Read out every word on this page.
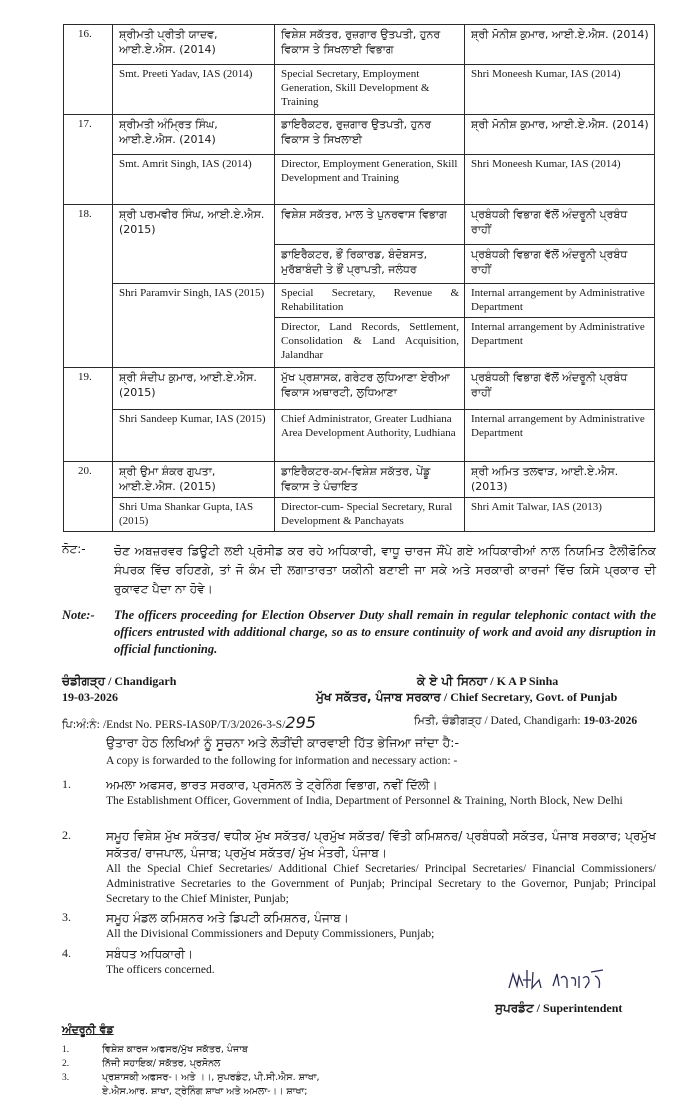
16.	ਸ਼੍ਰੀਮਤੀ ਪ੍ਰੀਤੀ ਯਾਦਵ, ਆਈ.ਏ.ਐਸ. (2014)	ਵਿਸ਼ੇਸ਼ ਸਕੱਤਰ, ਰੁਜ਼ਗਾਰ ਉਤਪਤੀ, ਹੁਨਰ ਵਿਕਾਸ ਤੇ ਸਿਖਲਾਈ ਵਿਭਾਗ	ਸ਼੍ਰੀ ਮੋਨੀਸ਼ ਕੁਮਾਰ, ਆਈ.ਏ.ਐਸ. (2014)
	Smt. Preeti Yadav, IAS (2014)	Special Secretary, Employment Generation, Skill Development & Training	Shri Moneesh Kumar, IAS (2014)
17.	ਸ਼੍ਰੀਮਤੀ ਅੰਮ੍ਰਿਤ ਸਿੰਘ, ਆਈ.ਏ.ਐਸ. (2014)	ਡਾਇਰੈਕਟਰ, ਰੁਜ਼ਗਾਰ ਉਤਪਤੀ, ਹੁਨਰ ਵਿਕਾਸ ਤੇ ਸਿਖਲਾਈ	ਸ਼੍ਰੀ ਮੋਨੀਸ਼ ਕੁਮਾਰ, ਆਈ.ਏ.ਐਸ. (2014)
	Smt. Amrit Singh, IAS (2014)	Director, Employment Generation, Skill Development and Training	Shri Moneesh Kumar, IAS (2014)
18.	ਸ਼੍ਰੀ ਪਰਮਵੀਰ ਸਿੰਘ, ਆਈ.ਏ.ਐਸ. (2015)	ਵਿਸ਼ੇਸ਼ ਸਕੱਤਰ, ਮਾਲ ਤੇ ਪੁਨਰਵਾਸ ਵਿਭਾਗ	ਪ੍ਰਬੰਧਕੀ ਵਿਭਾਗ ਵੱਲੋਂ ਅੰਦਰੂਨੀ ਪ੍ਰਬੰਧ ਰਾਹੀਂ
		ਡਾਇਰੈਕਟਰ, ਭੌਂ ਰਿਕਾਰਡ, ਬੰਦੋਬਸਤ, ਮੁਰੱਬਾਬੰਦੀ ਤੇ ਭੌਂ ਪ੍ਰਾਪਤੀ, ਜਲੰਧਰ	ਪ੍ਰਬੰਧਕੀ ਵਿਭਾਗ ਵੱਲੋਂ ਅੰਦਰੂਨੀ ਪ੍ਰਬੰਧ ਰਾਹੀਂ
	Shri Paramvir Singh, IAS (2015)	Special Secretary, Revenue & Rehabilitation	Internal arrangement by Administrative Department
		Director, Land Records, Settlement, Consolidation & Land Acquisition, Jalandhar	Internal arrangement by Administrative Department
19.	ਸ਼੍ਰੀ ਸੰਦੀਪ ਕੁਮਾਰ, ਆਈ.ਏ.ਐਸ. (2015)	ਮੁੱਖ ਪ੍ਰਸ਼ਾਸਕ, ਗਰੇਟਰ ਲੁਧਿਆਣਾ ਏਰੀਆ ਵਿਕਾਸ ਅਥਾਰਟੀ, ਲੁਧਿਆਣਾ	ਪ੍ਰਬੰਧਕੀ ਵਿਭਾਗ ਵੱਲੋਂ ਅੰਦਰੂਨੀ ਪ੍ਰਬੰਧ ਰਾਹੀਂ
	Shri Sandeep Kumar, IAS (2015)	Chief Administrator, Greater Ludhiana Area Development Authority, Ludhiana	Internal arrangement by Administrative Department
20.	ਸ਼੍ਰੀ ਉਮਾ ਸ਼ੰਕਰ ਗੁਪਤਾ, ਆਈ.ਏ.ਐਸ. (2015)	ਡਾਇਰੈਕਟਰ-ਕਮ-ਵਿਸ਼ੇਸ਼ ਸਕੱਤਰ, ਪੇਂਡੂ ਵਿਕਾਸ ਤੇ ਪੰਚਾਇਤ	ਸ਼੍ਰੀ ਅਮਿਤ ਤਲਵਾੜ, ਆਈ.ਏ.ਐਸ. (2013)
	Shri Uma Shankar Gupta, IAS (2015)	Director-cum- Special Secretary, Rural Development & Panchayats	Shri Amit Talwar, IAS (2013)
ਨੋਟ:- ਚੋਣ ਅਬਜ਼ਰਵਰ ਡਿਊਟੀ ਲਈ ਪ੍ਰੋਸੀਡ ਕਰ ਰਹੇ ਅਧਿਕਾਰੀ, ਵਾਧੂ ਚਾਰਜ ਸੌਂਪੇ ਗਏ ਅਧਿਕਾਰੀਆਂ ਨਾਲ ਨਿਯਮਿਤ ਟੈਲੀਫੋਨਿਕ ਸੰਪਰਕ ਵਿੱਚ ਰਹਿਣਗੇ, ਤਾਂ ਜੋ ਕੰਮ ਦੀ ਲਗਾਤਾਰਤਾ ਯਕੀਨੀ ਬਣਾਈ ਜਾ ਸਕੇ ਅਤੇ ਸਰਕਾਰੀ ਕਾਰਜਾਂ ਵਿੱਚ ਕਿਸੇ ਪ੍ਰਕਾਰ ਦੀ ਰੁਕਾਵਟ ਪੈਦਾ ਨਾ ਹੋਵੇ।
Note:- The officers proceeding for Election Observer Duty shall remain in regular telephonic contact with the officers entrusted with additional charge, so as to ensure continuity of work and avoid any disruption in official functioning.
ਚੰਡੀਗੜ੍ਹ / Chandigarh
19-03-2026
ਕੇ ਏ ਪੀ ਸਿਨਹਾ / K A P Sinha
ਮੁੱਖ ਸਕੱਤਰ, ਪੰਜਾਬ ਸਰਕਾਰ / Chief Secretary, Govt. of Punjab
ਪਿ:ਅੰ:ਨੰ: /Endst No. PERS-IAS0P/T/3/2026-3-S/295	ਮਿਤੀ, ਚੰਡੀਗੜ੍ਹ / Dated, Chandigarh: 19-03-2026
ਉਤਾਰਾ ਹੇਠ ਲਿਖਿਆਂ ਨੂੰ ਸੂਚਨਾ ਅਤੇ ਲੋੜੀਂਦੀ ਕਾਰਵਾਈ ਹਿੱਤ ਭੇਜਿਆ ਜਾਂਦਾ ਹੈ:-
A copy is forwarded to the following for information and necessary action: -
1.	ਅਮਲਾ ਅਫਸਰ, ਭਾਰਤ ਸਰਕਾਰ, ਪ੍ਰਸੋਨਲ ਤੇ ਟ੍ਰੇਨਿੰਗ ਵਿਭਾਗ, ਨਵੀਂ ਦਿੱਲੀ।
The Establishment Officer, Government of India, Department of Personnel & Training, North Block, New Delhi
2.	ਸਮੂਹ ਵਿਸ਼ੇਸ਼ ਮੁੱਖ ਸਕੱਤਰ/ ਵਧੀਕ ਮੁੱਖ ਸਕੱਤਰ/ ਪ੍ਰਮੁੱਖ ਸਕੱਤਰ/ ਵਿੱਤੀ ਕਮਿਸ਼ਨਰ/ ਪ੍ਰਬੰਧਕੀ ਸਕੱਤਰ, ਪੰਜਾਬ ਸਰਕਾਰ; ਪ੍ਰਮੁੱਖ ਸਕੱਤਰ/ ਰਾਜਪਾਲ, ਪੰਜਾਬ; ਪ੍ਰਮੁੱਖ ਸਕੱਤਰ/ ਮੁੱਖ ਮੰਤਰੀ, ਪੰਜਾਬ।
All the Special Chief Secretaries/ Additional Chief Secretaries/ Principal Secretaries/ Financial Commissioners/ Administrative Secretaries to the Government of Punjab; Principal Secretary to the Governor, Punjab; Principal Secretary to the Chief Minister, Punjab;
3.	ਸਮੂਹ ਮੰਡਲ ਕਮਿਸ਼ਨਰ ਅਤੇ ਡਿਪਟੀ ਕਮਿਸ਼ਨਰ, ਪੰਜਾਬ।
All the Divisional Commissioners and Deputy Commissioners, Punjab;
4.	ਸਬੰਧਤ ਅਧਿਕਾਰੀ।
The officers concerned.
ਸੁਪਰਡੰਟ / Superintendent
ਅੰਦਰੂਨੀ ਵੰਡ
1.	ਵਿਸ਼ੇਸ਼ ਕਾਰਜ ਅਫਸਰ/ਮੁੱਖ ਸਕੱਤਰ, ਪੰਜਾਬ
2.	ਨਿੱਜੀ ਸਹਾਇਕ/ ਸਕੱਤਰ, ਪ੍ਰਸੋਨਲ
3.	ਪ੍ਰਸ਼ਾਸਕੀ ਅਫਸਰ-। ਅਤੇ ।।, ਸੁਪਰਡੰਟ, ਪੀ.ਸੀ.ਐਸ. ਸ਼ਾਖਾ,
ਏ.ਐਸ.ਆਰ. ਸ਼ਾਖਾ, ਟ੍ਰੇਨਿੰਗ ਸ਼ਾਖਾ ਅਤੇ ਅਮਲਾ-।। ਸ਼ਾਖਾ;
